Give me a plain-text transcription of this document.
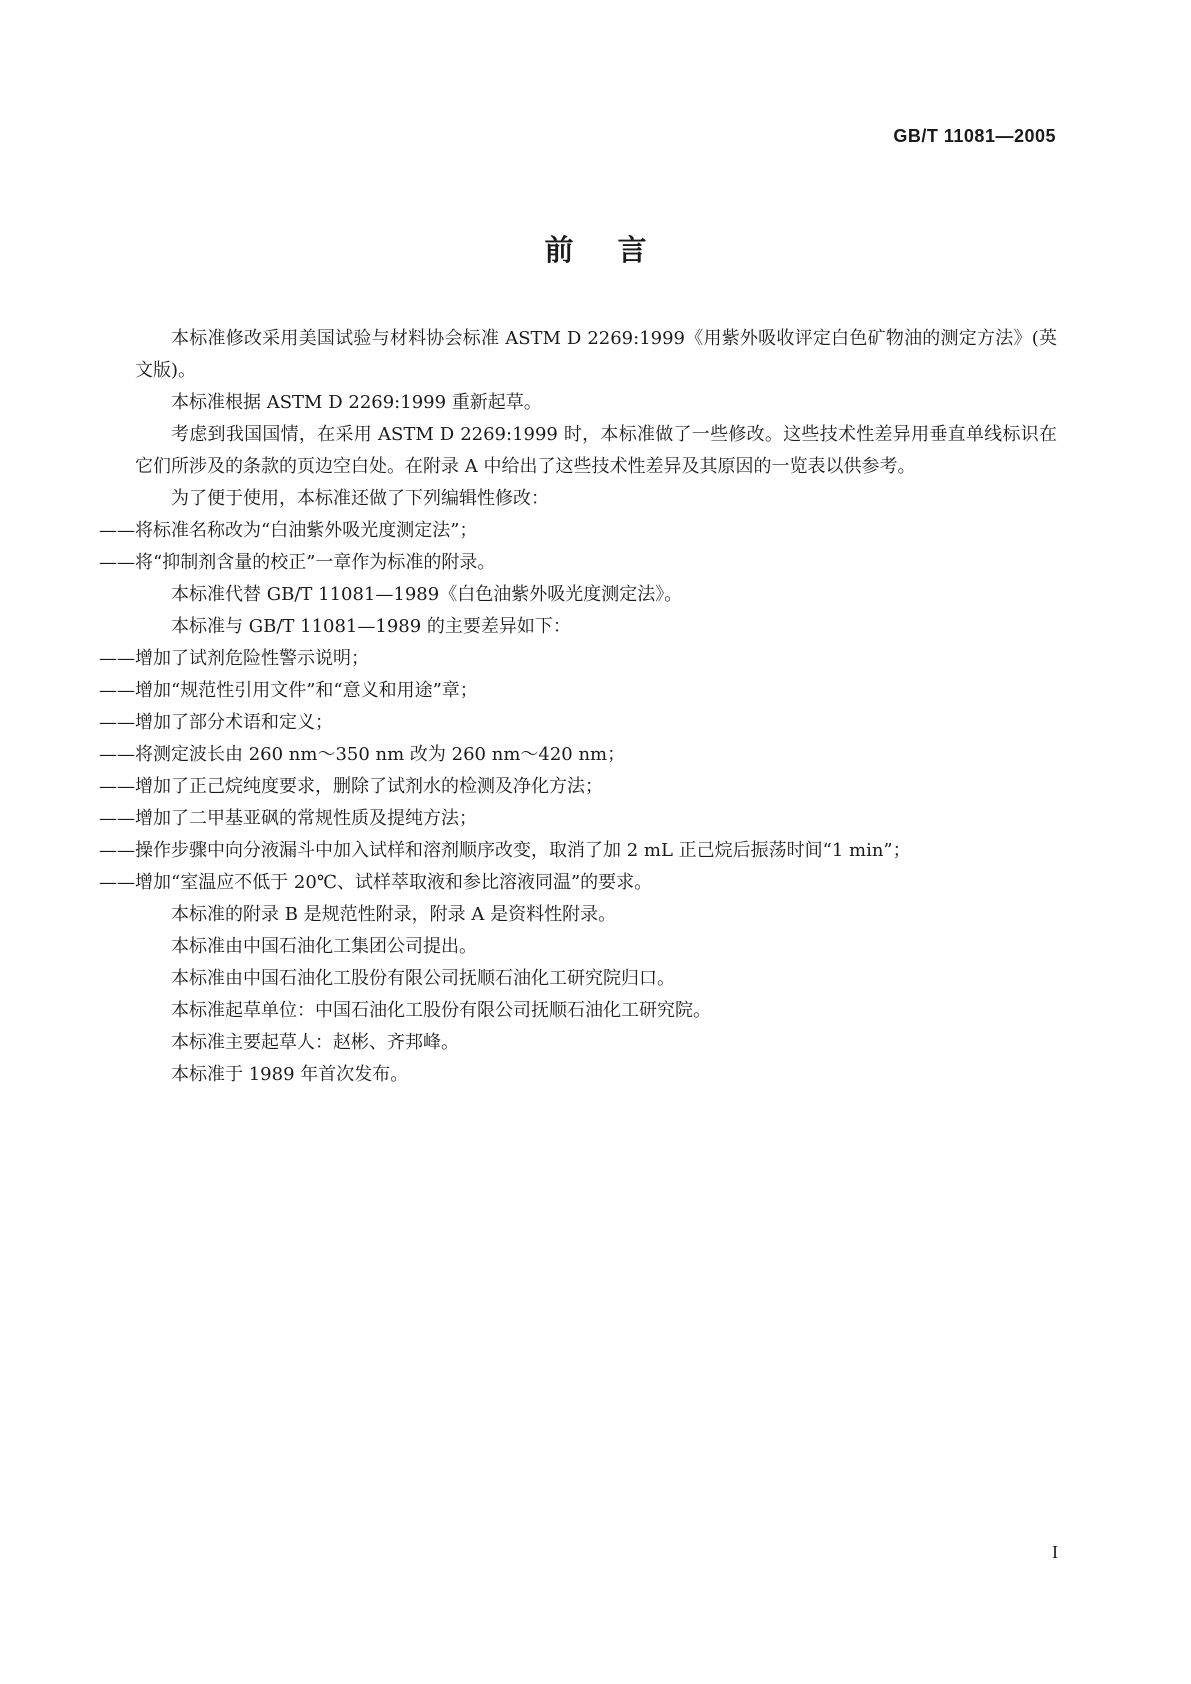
GB/T 11081—2005
前言

本标准修改采用美国试验与材料协会标准 ASTM D 2269:1999《用紫外吸收评定白色矿物油的测定方法》(英文版)。

本标准根据 ASTM D 2269:1999 重新起草。

考虑到我国国情，在采用 ASTM D 2269:1999 时，本标准做了一些修改。这些技术性差异用垂直单线标识在它们所涉及的条款的页边空白处。在附录 A 中给出了这些技术性差异及其原因的一览表以供参考。

为了便于使用，本标准还做了下列编辑性修改：

——将标准名称改为“白油紫外吸光度测定法”；

——将“抑制剂含量的校正”一章作为标准的附录。

本标准代替 GB/T 11081—1989《白色油紫外吸光度测定法》。

本标准与 GB/T 11081—1989 的主要差异如下：

——增加了试剂危险性警示说明；

——增加“规范性引用文件”和“意义和用途”章；

——增加了部分术语和定义；

——将测定波长由 260 nm～350 nm 改为 260 nm～420 nm；

——增加了正己烷纯度要求，删除了试剂水的检测及净化方法；

——增加了二甲基亚砜的常规性质及提纯方法；

——操作步骤中向分液漏斗中加入试样和溶剂顺序改变，取消了加 2 mL 正己烷后振荡时间“1 min”；

——增加“室温应不低于 20℃、试样萃取液和参比溶液同温”的要求。

本标准的附录 B 是规范性附录，附录 A 是资料性附录。

本标准由中国石油化工集团公司提出。

本标准由中国石油化工股份有限公司抚顺石油化工研究院归口。

本标准起草单位：中国石油化工股份有限公司抚顺石油化工研究院。

本标准主要起草人：赵彬、齐邦峰。

本标准于 1989 年首次发布。

I
